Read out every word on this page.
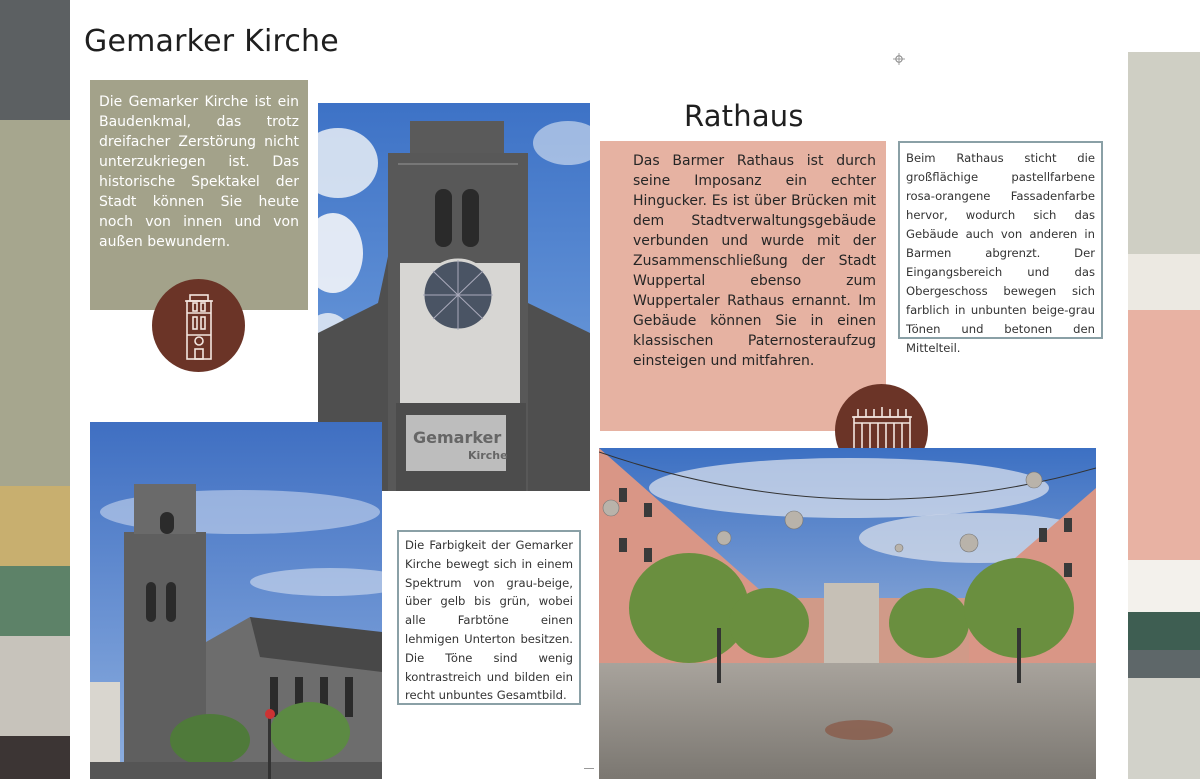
Gemarker Kirche
Rathaus
Die Gemarker Kirche ist ein Baudenkmal, das trotz dreifacher Zerstörung nicht unterzukriegen ist. Das historische Spektakel der Stadt können Sie heute noch von innen und von außen bewundern.
Gemarker
Kirche
Das Barmer Rathaus ist durch seine Imposanz ein echter Hingucker. Es ist über Brücken mit dem Stadtverwaltungsgebäude verbunden und wurde mit der Zusammenschließung der Stadt Wuppertal ebenso zum Wuppertaler Rathaus ernannt. Im Gebäude können Sie in einen klassischen Paternosteraufzug einsteigen und mitfahren.
Beim Rathaus sticht die großflächige pastellfarbene rosa-orangene Fassadenfarbe hervor, wodurch sich das Gebäude auch von anderen in Barmen abgrenzt. Der Eingangsbereich und das Obergeschoss bewegen sich farblich in unbunten beige-grau Tönen und betonen den Mittelteil.
Die Farbigkeit der Gemarker Kirche bewegt sich in einem Spektrum von grau-beige, über gelb bis grün, wobei alle Farbtöne einen lehmigen Unterton besitzen. Die Töne sind wenig kontrastreich und bilden ein recht unbuntes Gesamtbild.
